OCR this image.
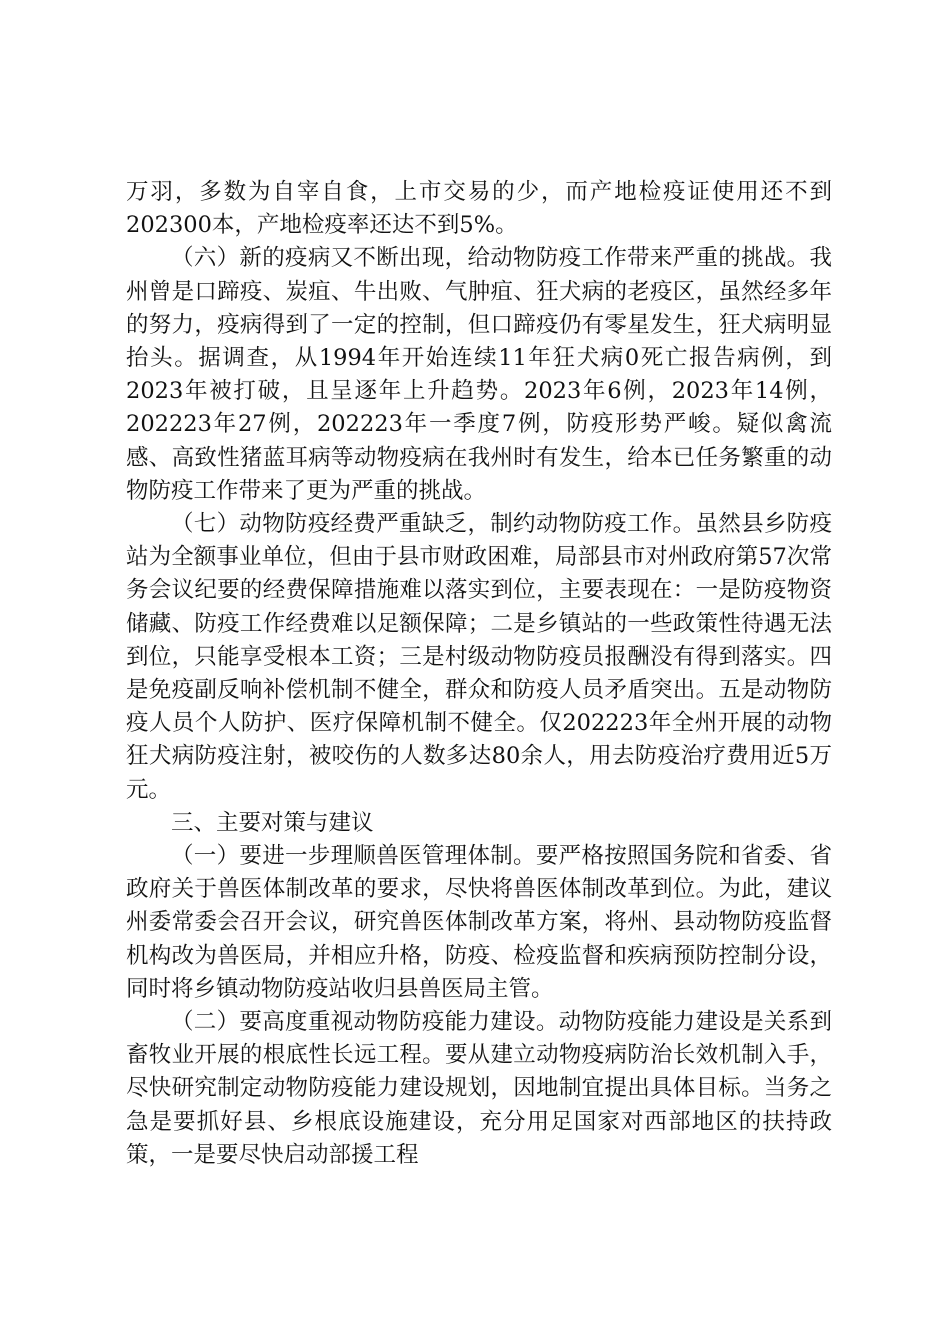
万羽，多数为自宰自食，上市交易的少，而产地检疫证使用还不到202300本，产地检疫率还达不到5%。

（六）新的疫病又不断出现，给动物防疫工作带来严重的挑战。我州曾是口蹄疫、炭疽、牛出败、气肿疽、狂犬病的老疫区，虽然经多年的努力，疫病得到了一定的控制，但口蹄疫仍有零星发生，狂犬病明显抬头。据调查，从1994年开始连续11年狂犬病0死亡报告病例，到2023年被打破，且呈逐年上升趋势。2023年6例，2023年14例，202223年27例，202223年一季度7例，防疫形势严峻。疑似禽流感、高致性猪蓝耳病等动物疫病在我州时有发生，给本已任务繁重的动物防疫工作带来了更为严重的挑战。

（七）动物防疫经费严重缺乏，制约动物防疫工作。虽然县乡防疫站为全额事业单位，但由于县市财政困难，局部县市对州政府第57次常务会议纪要的经费保障措施难以落实到位，主要表现在：一是防疫物资储藏、防疫工作经费难以足额保障；二是乡镇站的一些政策性待遇无法到位，只能享受根本工资；三是村级动物防疫员报酬没有得到落实。四是免疫副反响补偿机制不健全，群众和防疫人员矛盾突出。五是动物防疫人员个人防护、医疗保障机制不健全。仅202223年全州开展的动物狂犬病防疫注射，被咬伤的人数多达80余人，用去防疫治疗费用近5万元。

三、主要对策与建议

（一）要进一步理顺兽医管理体制。要严格按照国务院和省委、省政府关于兽医体制改革的要求，尽快将兽医体制改革到位。为此，建议州委常委会召开会议，研究兽医体制改革方案，将州、县动物防疫监督机构改为兽医局，并相应升格，防疫、检疫监督和疾病预防控制分设，同时将乡镇动物防疫站收归县兽医局主管。

（二）要高度重视动物防疫能力建设。动物防疫能力建设是关系到畜牧业开展的根底性长远工程。要从建立动物疫病防治长效机制入手，尽快研究制定动物防疫能力建设规划，因地制宜提出具体目标。当务之急是要抓好县、乡根底设施建设，充分用足国家对西部地区的扶持政策，一是要尽快启动部援工程
